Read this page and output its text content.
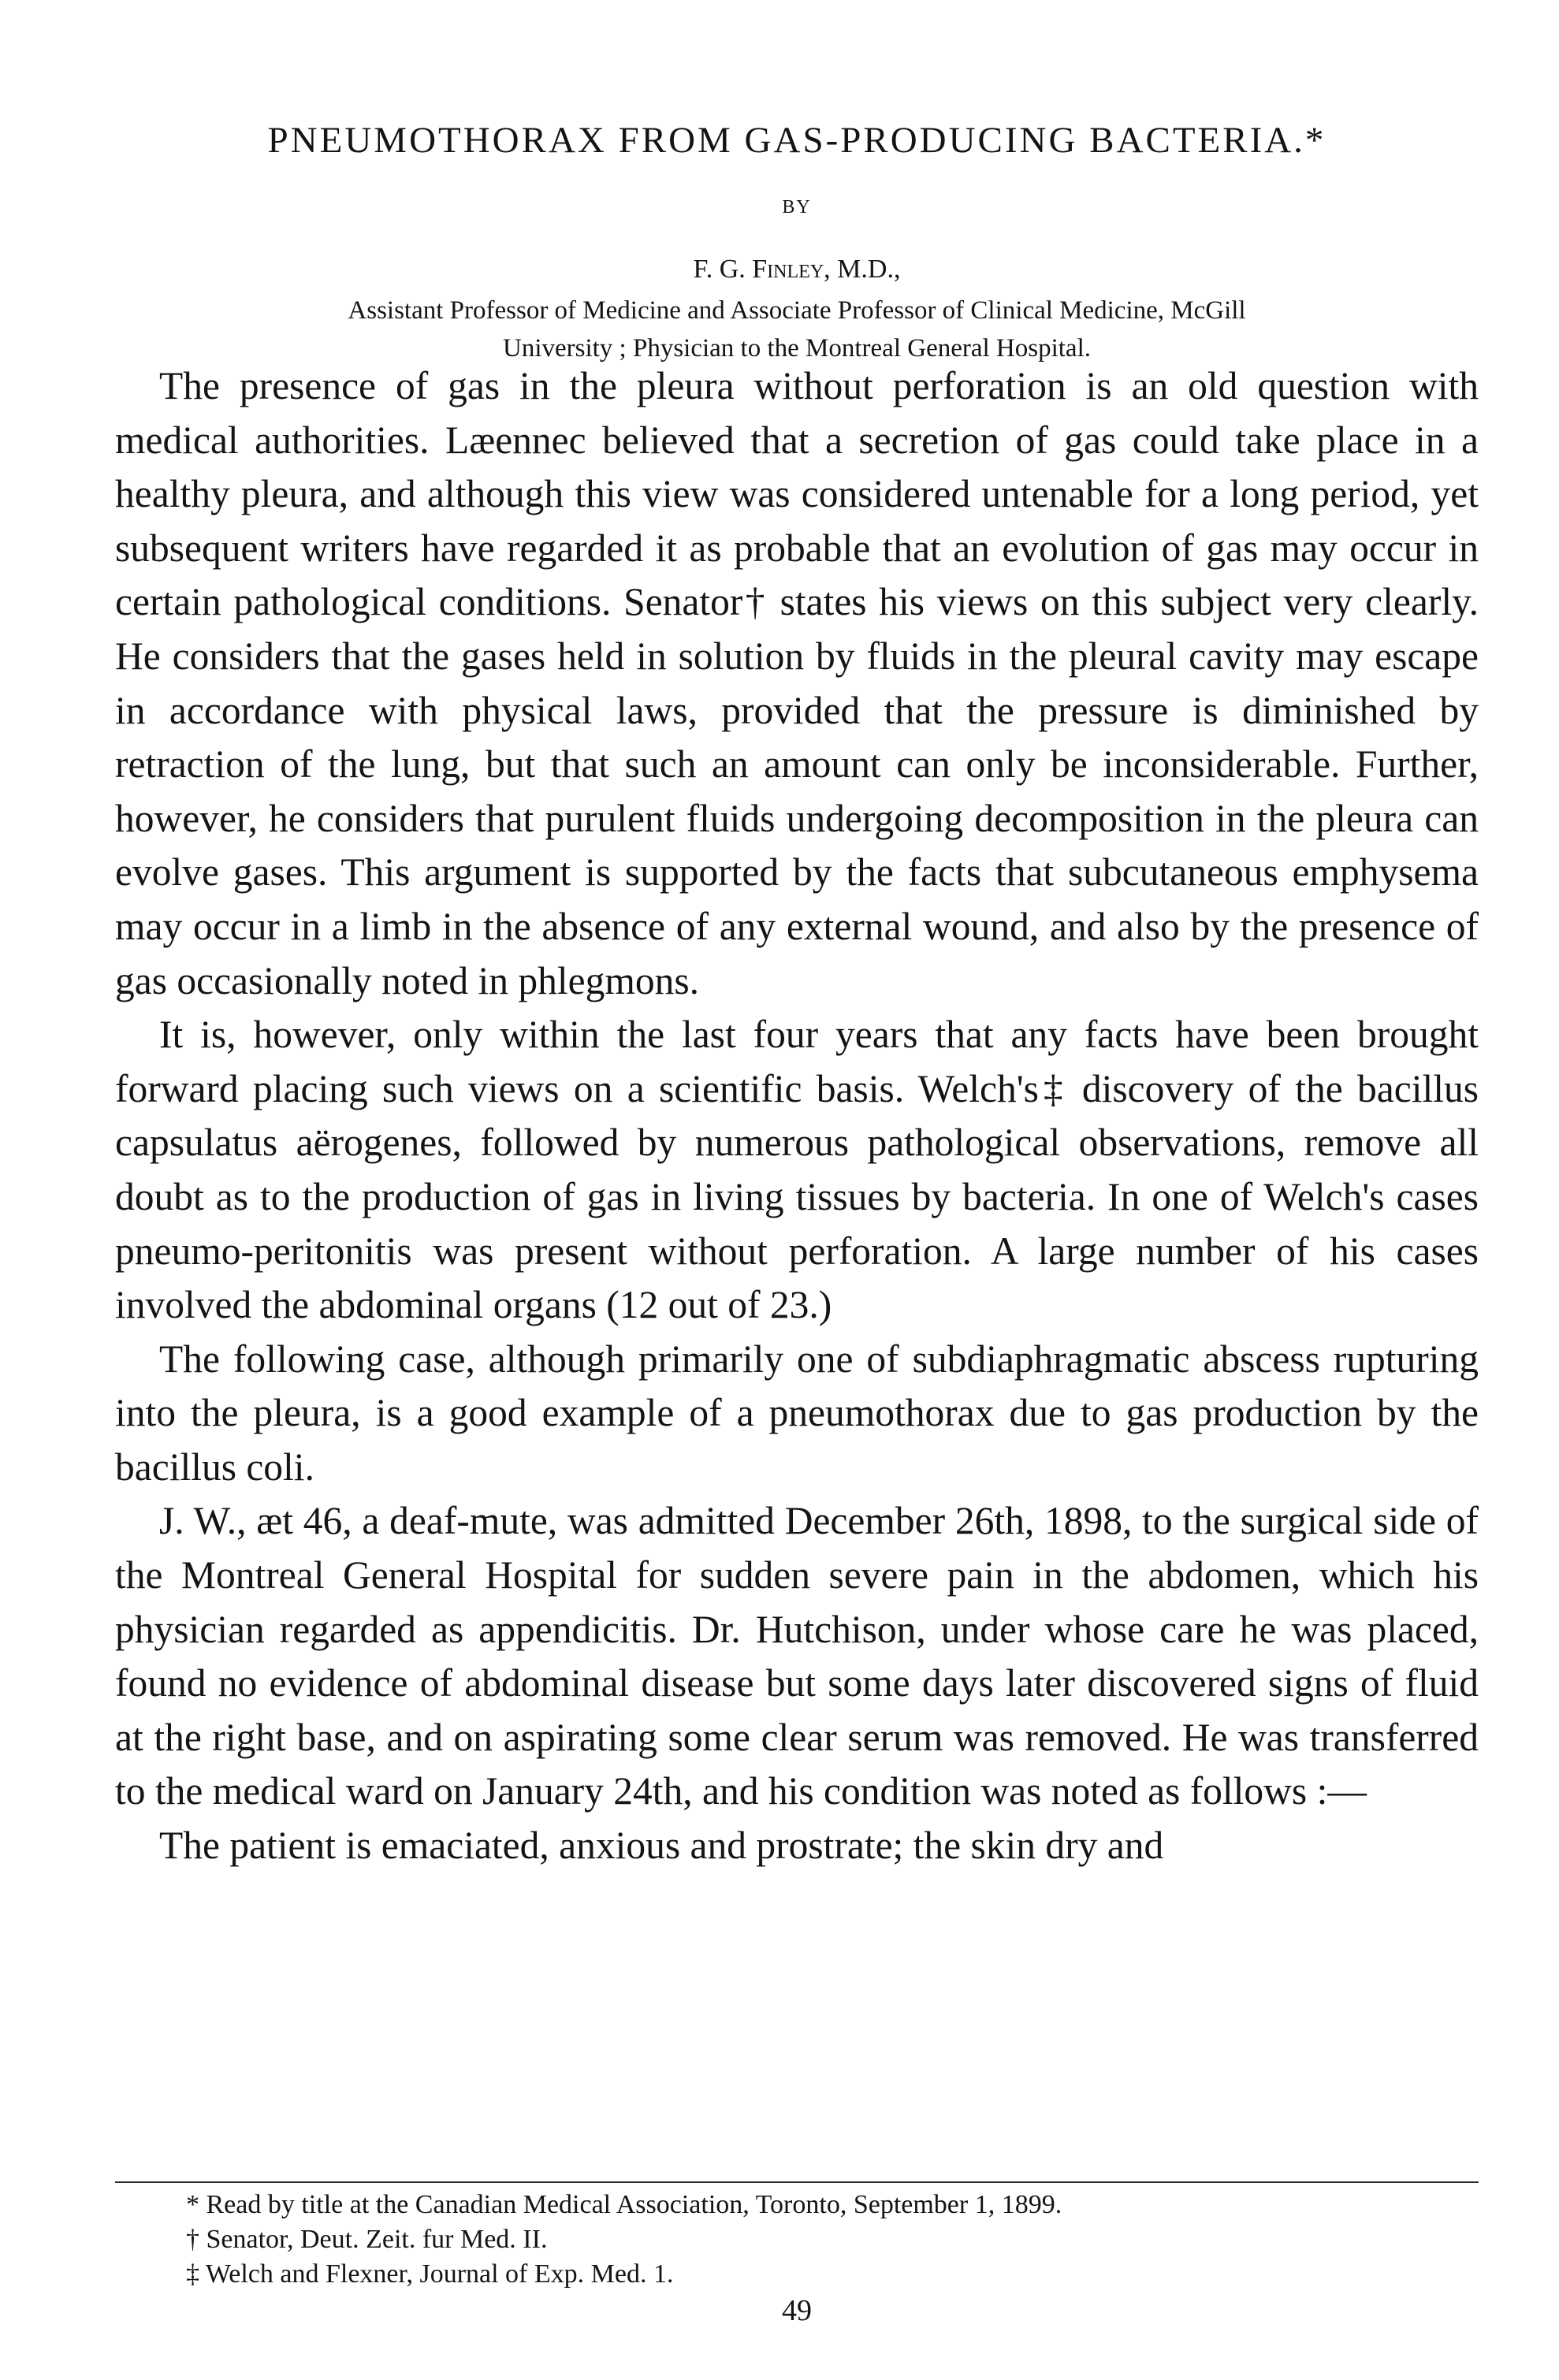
PNEUMOTHORAX FROM GAS-PRODUCING BACTERIA.*
BY
F. G. Finley, M.D.,
Assistant Professor of Medicine and Associate Professor of Clinical Medicine, McGill
University ; Physician to the Montreal General Hospital.

The presence of gas in the pleura without perforation is an old question with medical authorities. Læennec believed that a secretion of gas could take place in a healthy pleura, and although this view was considered untenable for a long period, yet subsequent writers have regarded it as probable that an evolution of gas may occur in certain pathological conditions. Senator† states his views on this subject very clearly. He considers that the gases held in solution by fluids in the pleural cavity may escape in accordance with physical laws, provided that the pressure is diminished by retraction of the lung, but that such an amount can only be inconsiderable. Further, however, he considers that purulent fluids undergoing decomposition in the pleura can evolve gases. This argument is supported by the facts that subcutaneous emphysema may occur in a limb in the absence of any external wound, and also by the presence of gas occasionally noted in phlegmons.

It is, however, only within the last four years that any facts have been brought forward placing such views on a scientific basis. Welch's‡ discovery of the bacillus capsulatus aërogenes, followed by numerous pathological observations, remove all doubt as to the production of gas in living tissues by bacteria. In one of Welch's cases pneumo-peritonitis was present without perforation. A large number of his cases involved the abdominal organs (12 out of 23.)

The following case, although primarily one of subdiaphragmatic abscess rupturing into the pleura, is a good example of a pneumothorax due to gas production by the bacillus coli.

J. W., æt 46, a deaf-mute, was admitted December 26th, 1898, to the surgical side of the Montreal General Hospital for sudden severe pain in the abdomen, which his physician regarded as appendicitis. Dr. Hutchison, under whose care he was placed, found no evidence of abdominal disease but some days later discovered signs of fluid at the right base, and on aspirating some clear serum was removed. He was transferred to the medical ward on January 24th, and his condition was noted as follows :—

The patient is emaciated, anxious and prostrate; the skin dry and

* Read by title at the Canadian Medical Association, Toronto, September 1, 1899.
† Senator, Deut. Zeit. fur Med. II.
‡ Welch and Flexner, Journal of Exp. Med. 1.
49
